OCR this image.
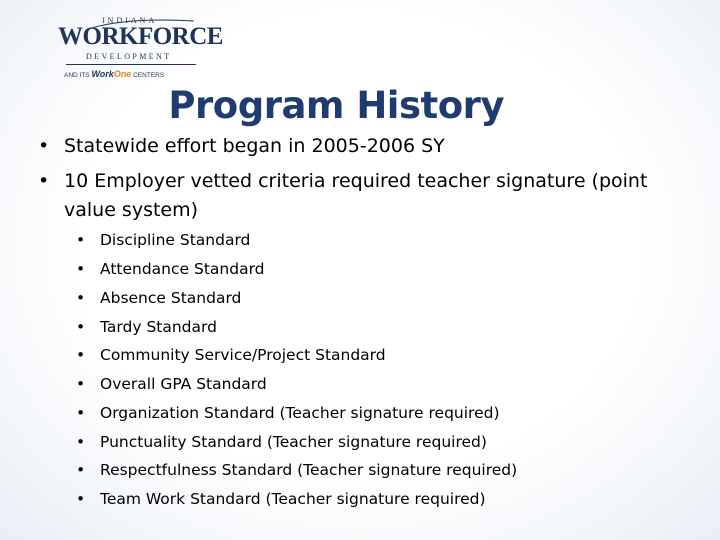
INDIANA
WORKFORCE
DEVELOPMENT
AND ITS WorkOne CENTERS
Program History
• Statewide effort began in 2005-2006 SY
• 10 Employer vetted criteria required teacher signature (point value system)
• Discipline Standard
• Attendance Standard
• Absence Standard
• Tardy Standard
• Community Service/Project Standard
• Overall GPA Standard
• Organization Standard (Teacher signature required)
• Punctuality Standard (Teacher signature required)
• Respectfulness Standard (Teacher signature required)
• Team Work Standard (Teacher signature required)
